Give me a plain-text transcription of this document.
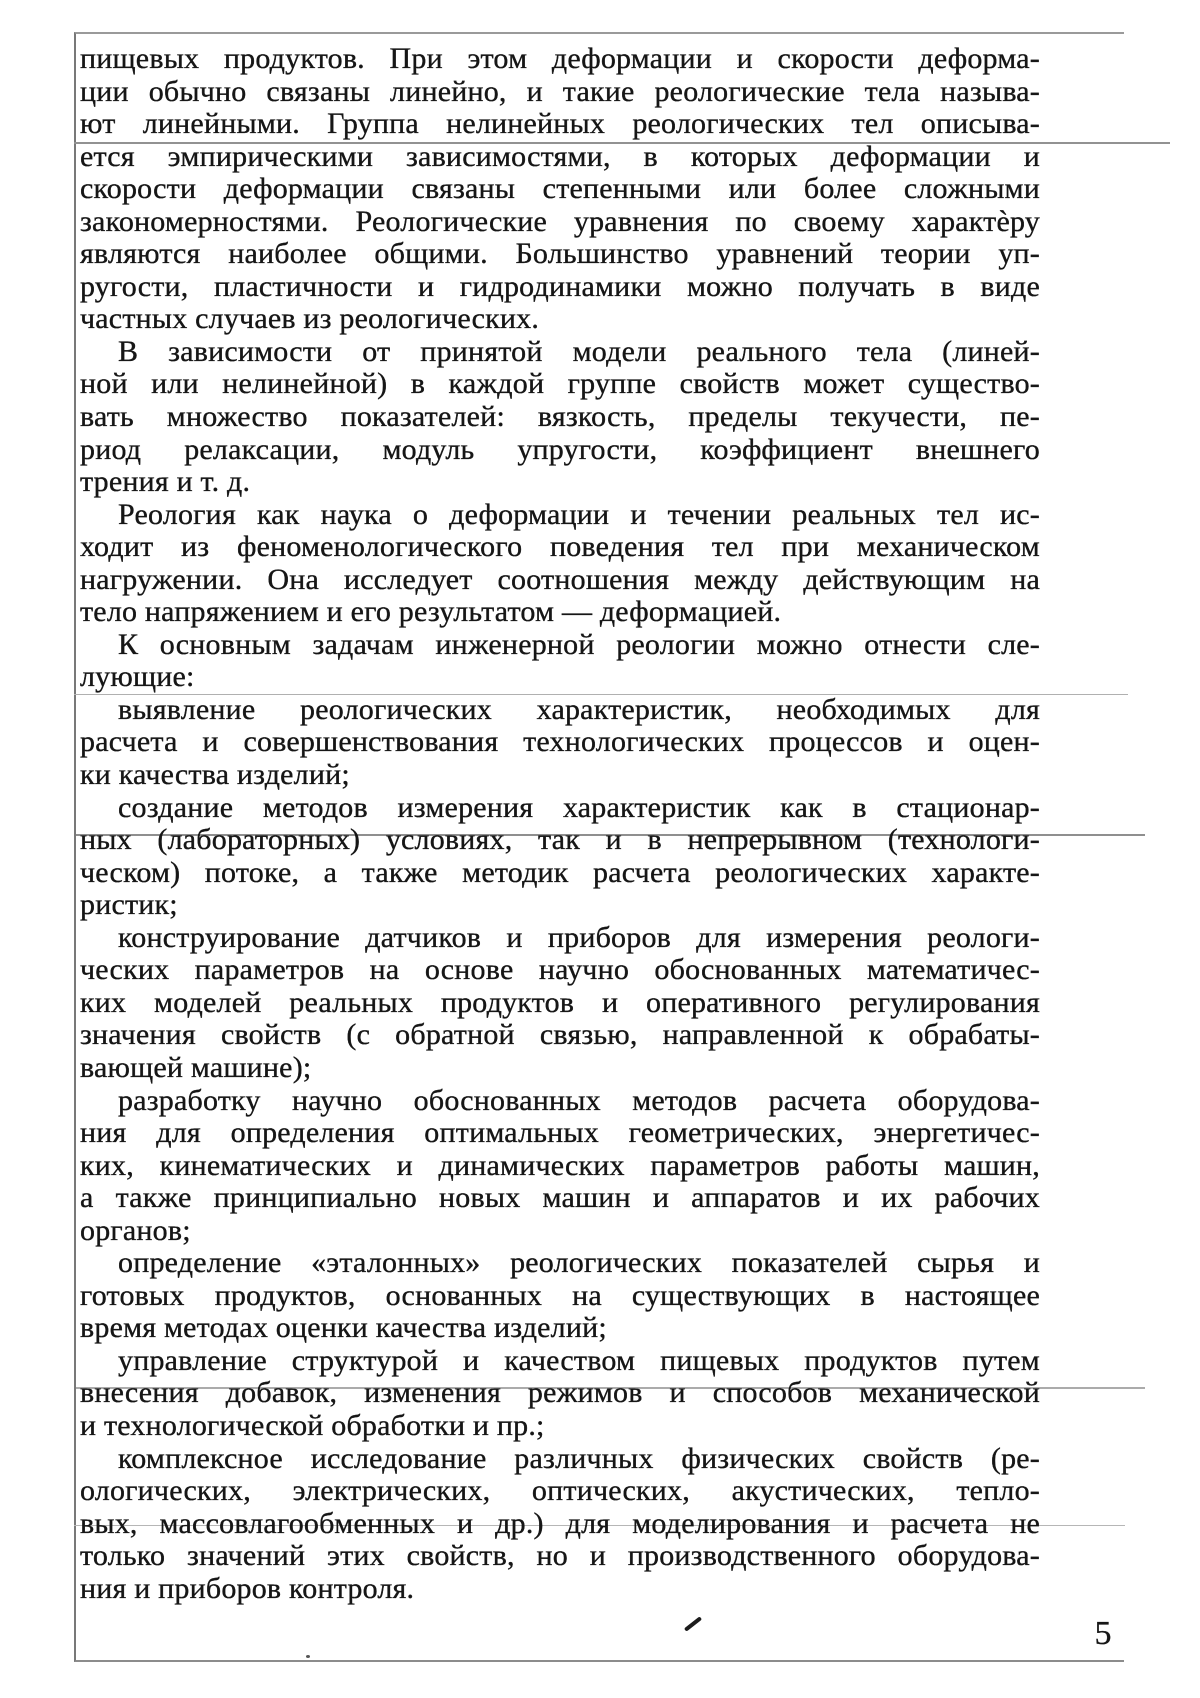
пищевых продуктов. При этом деформации и скорости деформа-
ции обычно связаны линейно, и такие реологические тела называ-
ют линейными. Группа нелинейных реологических тел описыва-
ется эмпирическими зависимостями, в которых деформации и
скорости деформации связаны степенными или более сложными
закономерностями. Реологические уравнения по своему характѐру
являются наиболее общими. Большинство уравнений теории уп-
ругости, пластичности и гидродинамики можно получать в виде
частных случаев из реологических.
В зависимости от принятой модели реального тела (линей-
ной или нелинейной) в каждой группе свойств может существо-
вать множество показателей: вязкость, пределы текучести, пе-
риод релаксации, модуль упругости, коэффициент внешнего
трения и т. д.
Реология как наука о деформации и течении реальных тел ис-
ходит из феноменологического поведения тел при механическом
нагружении. Она исследует соотношения между действующим на
тело напряжением и его результатом — деформацией.
К основным задачам инженерной реологии можно отнести сле-
лующие:
выявление реологических характеристик, необходимых для
расчета и совершенствования технологических процессов и оцен-
ки качества изделий;
создание методов измерения характеристик как в стационар-
ных (лабораторных) условиях, так и в непрерывном (технологи-
ческом) потоке, а также методик расчета реологических характе-
ристик;
конструирование датчиков и приборов для измерения реологи-
ческих параметров на основе научно обоснованных математичес-
ких моделей реальных продуктов и оперативного регулирования
значения свойств (с обратной связью, направленной к обрабаты-
вающей машине);
разработку научно обоснованных методов расчета оборудова-
ния для определения оптимальных геометрических, энергетичес-
ких, кинематических и динамических параметров работы машин,
а также принципиально новых машин и аппаратов и их рабочих
органов;
определение «эталонных» реологических показателей сырья и
готовых продуктов, основанных на существующих в настоящее
время методах оценки качества изделий;
управление структурой и качеством пищевых продуктов путем
внесения добавок, изменения режимов и способов механической
и технологической обработки и пр.;
комплексное исследование различных физических свойств (ре-
ологических, электрических, оптических, акустических, тепло-
вых, массовлагообменных и др.) для моделирования и расчета не
только значений этих свойств, но и производственного оборудова-
ния и приборов контроля.
5
